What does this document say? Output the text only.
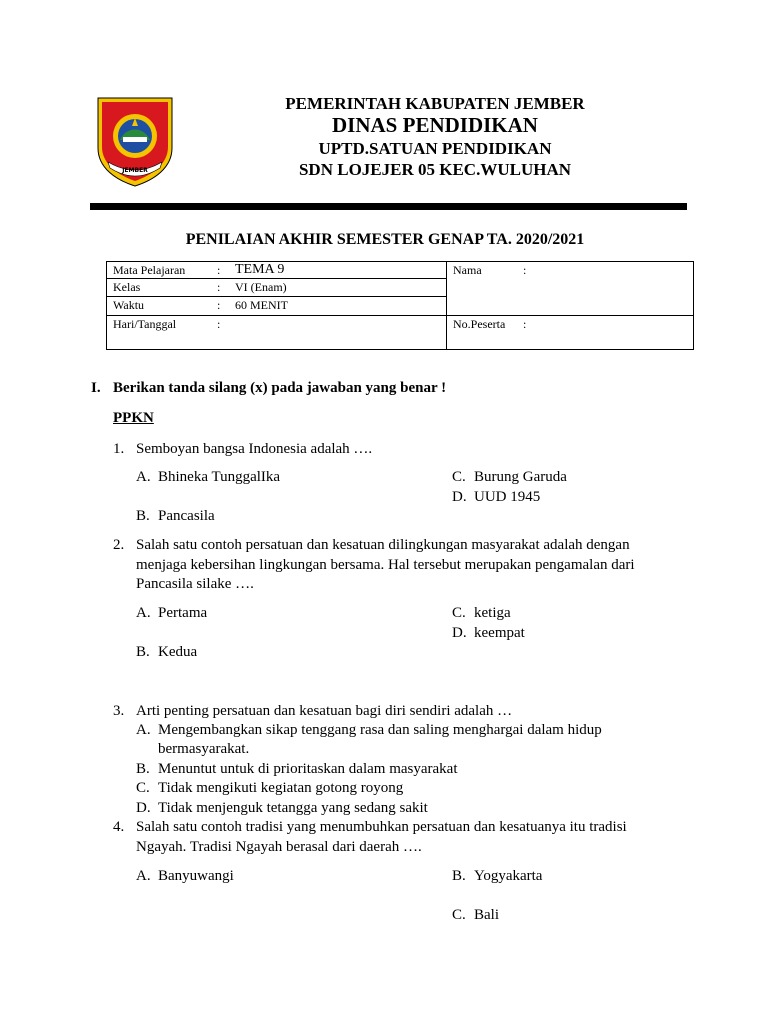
JEMBER
PEMERINTAH KABUPATEN JEMBER
DINAS PENDIDIKAN
UPTD.SATUAN PENDIDIKAN
SDN LOJEJER 05 KEC.WULUHAN
PENILAIAN AKHIR SEMESTER GENAP TA. 2020/2021
Mata Pelajaran	: TEMA 9
Kelas	: VI (Enam)
Waktu	: 60 MENIT
Hari/Tanggal	:
Nama	:
No.Peserta :
I. Berikan tanda silang (x) pada jawaban yang benar !
PPKN
1. Semboyan bangsa Indonesia adalah ….
A. Bhineka TunggalIka	C. Burung Garuda
D. UUD 1945
B. Pancasila
2. Salah satu contoh persatuan dan kesatuan dilingkungan masyarakat adalah dengan
menjaga kebersihan lingkungan bersama. Hal tersebut merupakan pengamalan dari
Pancasila silake ….
A. Pertama	C. ketiga
D. keempat
B. Kedua
3. Arti penting persatuan dan kesatuan bagi diri sendiri adalah …
A. Mengembangkan sikap tenggang rasa dan saling menghargai dalam hidup
bermasyarakat.
B. Menuntut untuk di prioritaskan dalam masyarakat
C. Tidak mengikuti kegiatan gotong royong
D. Tidak menjenguk tetangga yang sedang sakit
4. Salah satu contoh tradisi yang menumbuhkan persatuan dan kesatuanya itu tradisi
Ngayah. Tradisi Ngayah berasal dari daerah ….
A. Banyuwangi	B. Yogyakarta
C. Bali
